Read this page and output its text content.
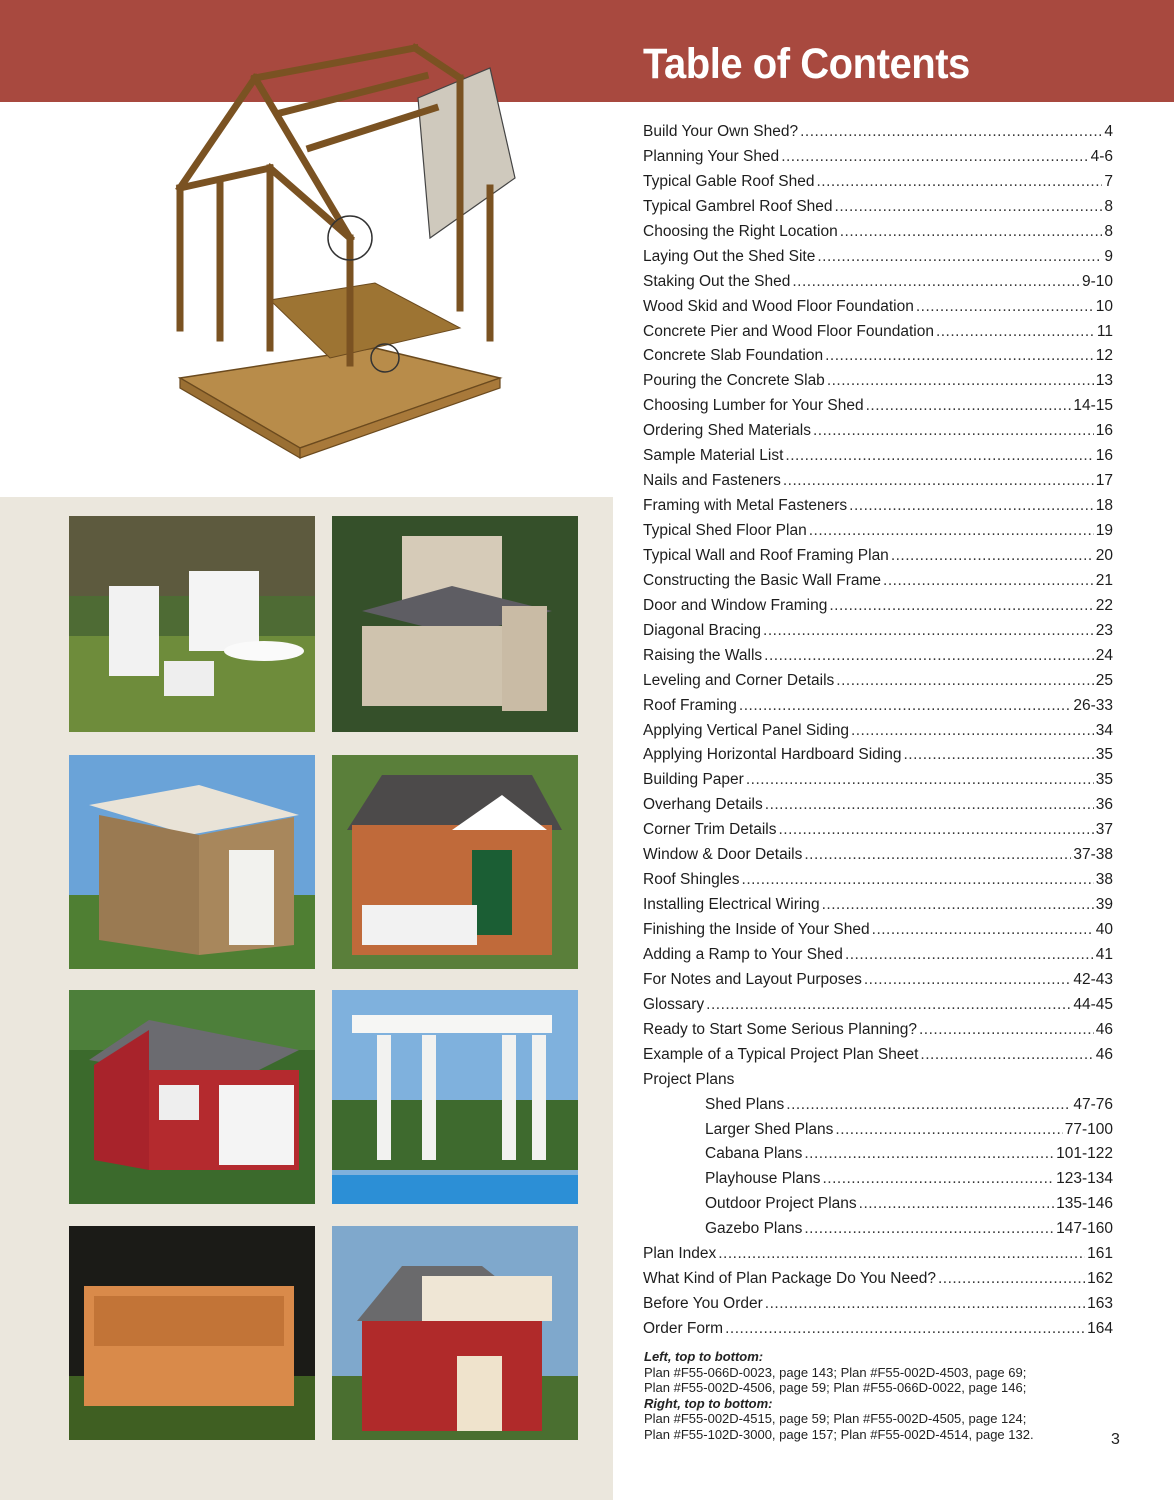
Table of Contents
Build Your Own Shed? .....	4
Planning Your Shed .....	4-6
Typical Gable Roof Shed .....	7
Typical Gambrel Roof Shed .....	8
Choosing the Right Location .....	8
Laying Out the Shed Site .....	9
Staking Out the Shed .....	9-10
Wood Skid and Wood Floor Foundation .....	10
Concrete Pier and Wood Floor Foundation .....	11
Concrete Slab Foundation .....	12
Pouring the Concrete Slab .....	13
Choosing Lumber for Your Shed .....	14-15
Ordering Shed Materials .....	16
Sample Material List .....	16
Nails and Fasteners .....	17
Framing with Metal Fasteners .....	18
Typical Shed Floor Plan .....	19
Typical Wall and Roof Framing Plan .....	20
Constructing the Basic Wall Frame .....	21
Door and Window Framing .....	22
Diagonal Bracing .....	23
Raising the Walls .....	24
Leveling and Corner Details .....	25
Roof Framing .....	26-33
Applying Vertical Panel Siding .....	34
Applying Horizontal Hardboard Siding .....	35
Building Paper .....	35
Overhang Details .....	36
Corner Trim Details .....	37
Window & Door Details .....	37-38
Roof Shingles .....	38
Installing Electrical Wiring .....	39
Finishing the Inside of Your Shed .....	40
Adding a Ramp to Your Shed .....	41
For Notes and Layout Purposes .....	42-43
Glossary .....	44-45
Ready to Start Some Serious Planning? .....	46
Example of a Typical Project Plan Sheet .....	46
Project Plans
Shed Plans .....	47-76
Larger Shed Plans .....	77-100
Cabana Plans .....	101-122
Playhouse Plans .....	123-134
Outdoor Project Plans .....	135-146
Gazebo Plans .....	147-160
Plan Index .....	161
What Kind of Plan Package Do You Need? .....	162
Before You Order .....	163
Order Form .....	164
Left, top to bottom:
Plan #F55-066D-0023, page 143; Plan #F55-002D-4503, page 69;
Plan #F55-002D-4506, page 59; Plan #F55-066D-0022, page 146;
Right, top to bottom:
Plan #F55-002D-4515, page 59; Plan #F55-002D-4505, page 124;
Plan #F55-102D-3000, page 157; Plan #F55-002D-4514, page 132.	3
